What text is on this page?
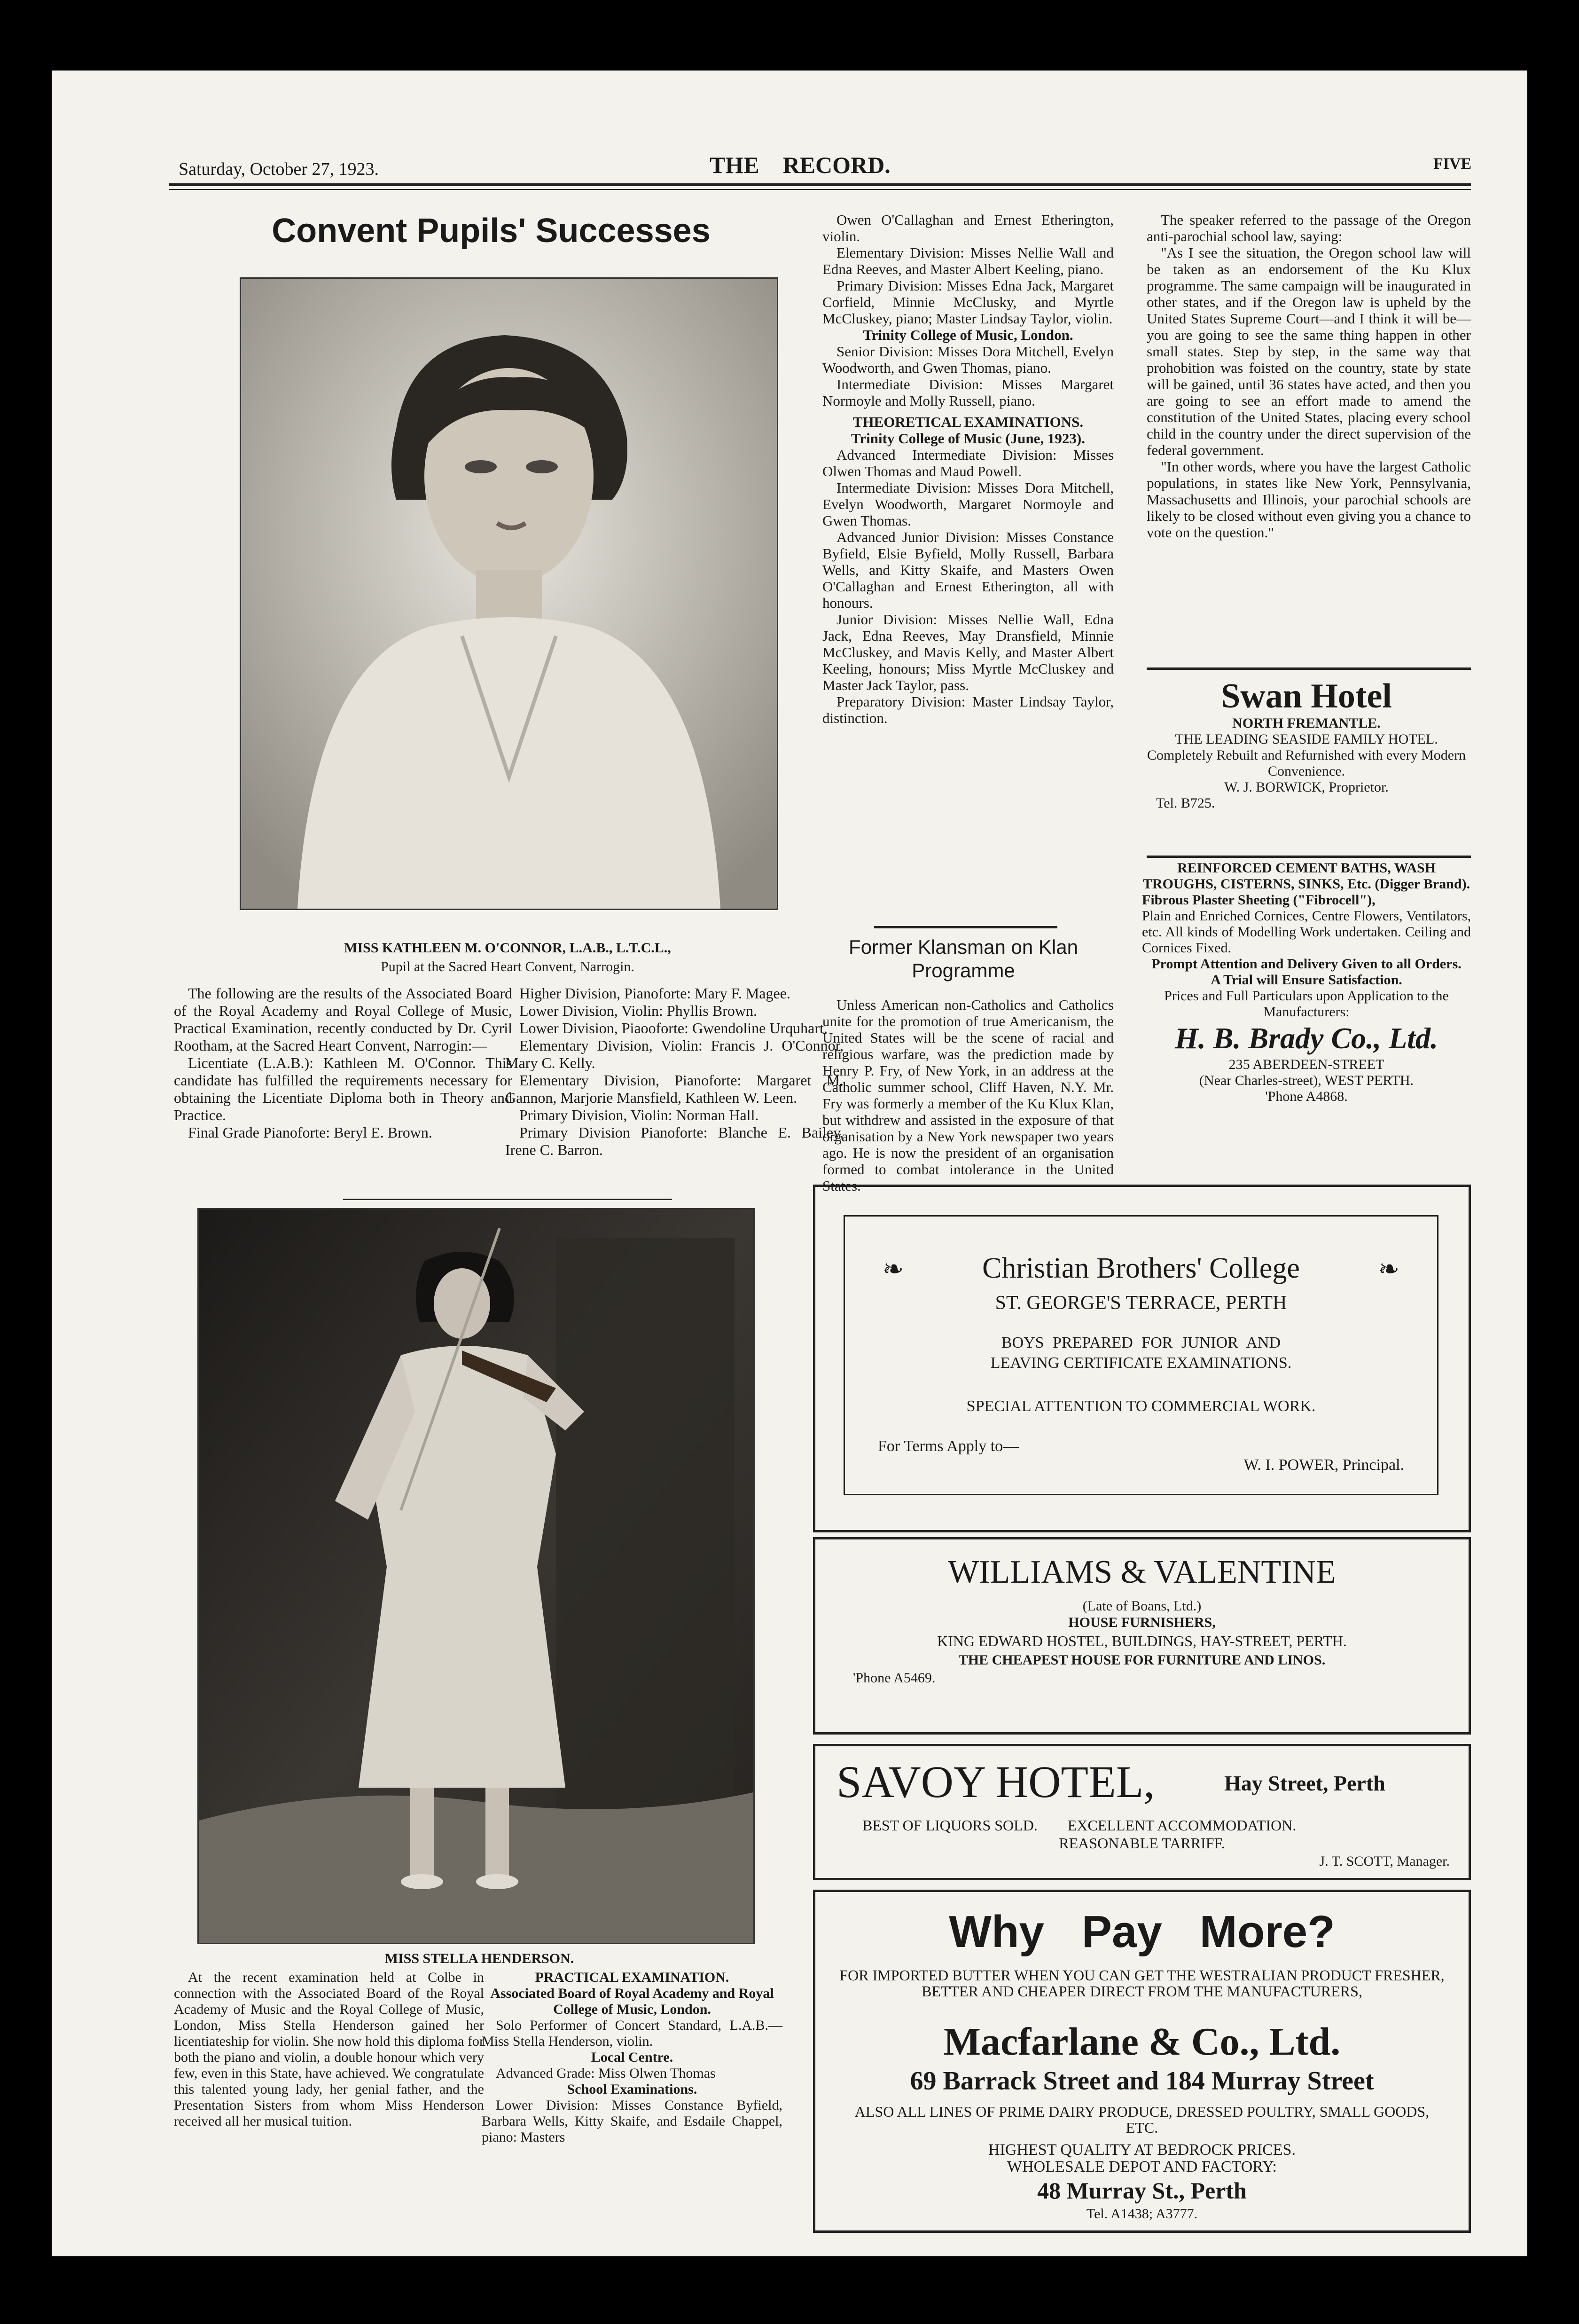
Saturday, October 27, 1923.	THE    RECORD.	FIVE
Convent Pupils' Successes
MISS KATHLEEN M. O'CONNOR, L.A.B., L.T.C.L.,
Pupil at the Sacred Heart Convent, Narrogin.

The following are the results of the Associated Board of the Royal Academy and Royal College of Music, Practical Examination, recently conducted by Dr. Cyril Rootham, at the Sacred Heart Convent, Narrogin:—

Licentiate (L.A.B.): Kathleen M. O'Connor. This candidate has fulfilled the requirements necessary for obtaining the Licentiate Diploma both in Theory and Practice.

Final Grade Pianoforte: Beryl E. Brown.

Higher Division, Pianoforte: Mary F. Magee.

Lower Division, Violin: Phyllis Brown.

Lower Division, Piaooforte: Gwendoline Urquhart.

Elementary Division, Violin: Francis J. O'Connor, Mary C. Kelly.

Elementary Division, Pianoforte: Margaret M. Gannon, Marjorie Mansfield, Kathleen W. Leen.

Primary Division, Violin: Norman Hall.

Primary Division Pianoforte: Blanche E. Bailey, Irene C. Barron.

MISS STELLA HENDERSON.

At the recent examination held at Colbe in connection with the Associated Board of the Royal Academy of Music and the Royal College of Music, London, Miss Stella Henderson gained her licentiateship for violin. She now hold this diploma for both the piano and violin, a double honour which very few, even in this State, have achieved. We congratulate this talented young lady, her genial father, and the Presentation Sisters from whom Miss Henderson received all her musical tuition.

PRACTICAL EXAMINATION.

Associated Board of Royal Academy and Royal College of Music, London.

Solo Performer of Concert Standard, L.A.B.—Miss Stella Henderson, violin.

Local Centre.

Advanced Grade: Miss Olwen Thomas

School Examinations.

Lower Division: Misses Constance Byfield, Barbara Wells, Kitty Skaife, and Esdaile Chappel, piano: Masters

Owen O'Callaghan and Ernest Etherington, violin.

Elementary Division: Misses Nellie Wall and Edna Reeves, and Master Albert Keeling, piano.

Primary Division: Misses Edna Jack, Margaret Corfield, Minnie McClusky, and Myrtle McCluskey, piano; Master Lindsay Taylor, violin.

Trinity College of Music, London.

Senior Division: Misses Dora Mitchell, Evelyn Woodworth, and Gwen Thomas, piano.

Intermediate Division: Misses Margaret Normoyle and Molly Russell, piano.

THEORETICAL EXAMINATIONS.

Trinity College of Music (June, 1923).

Advanced Intermediate Division: Misses Olwen Thomas and Maud Powell.

Intermediate Division: Misses Dora Mitchell, Evelyn Woodworth, Margaret Normoyle and Gwen Thomas.

Advanced Junior Division: Misses Constance Byfield, Elsie Byfield, Molly Russell, Barbara Wells, and Kitty Skaife, and Masters Owen O'Callaghan and Ernest Etherington, all with honours.

Junior Division: Misses Nellie Wall, Edna Jack, Edna Reeves, May Dransfield, Minnie McCluskey, and Mavis Kelly, and Master Albert Keeling, honours; Miss Myrtle McCluskey and Master Jack Taylor, pass.

Preparatory Division: Master Lindsay Taylor, distinction.

Former Klansman on Klan Programme

Unless American non-Catholics and Catholics unite for the promotion of true Americanism, the United States will be the scene of racial and religious warfare, was the prediction made by Henry P. Fry, of New York, in an address at the Catholic summer school, Cliff Haven, N.Y. Mr. Fry was formerly a member of the Ku Klux Klan, but withdrew and assisted in the exposure of that organisation by a New York newspaper two years ago. He is now the president of an organisation formed to combat intolerance in the United States.

The speaker referred to the passage of the Oregon anti-parochial school law, saying:

"As I see the situation, the Oregon school law will be taken as an endorsement of the Ku Klux programme. The same campaign will be inaugurated in other states, and if the Oregon law is upheld by the United States Supreme Court—and I think it will be—you are going to see the same thing happen in other small states. Step by step, in the same way that prohobition was foisted on the country, state by state will be gained, until 36 states have acted, and then you are going to see an effort made to amend the constitution of the United States, placing every school child in the country under the direct supervision of the federal government.

"In other words, where you have the largest Catholic populations, in states like New York, Pennsylvania, Massachusetts and Illinois, your parochial schools are likely to be closed without even giving you a chance to vote on the question."

Swan Hotel
NORTH FREMANTLE.
THE LEADING SEASIDE FAMILY HOTEL.
Completely Rebuilt and Refurnished with every Modern Convenience.
W. J. BORWICK, Proprietor.
Tel. B725.
REINFORCED CEMENT BATHS, WASH TROUGHS, CISTERNS, SINKS, Etc. (Digger Brand).
Fibrous Plaster Sheeting ("Fibrocell"),
Plain and Enriched Cornices, Centre Flowers, Ventilators, etc. All kinds of Modelling Work undertaken. Ceiling and Cornices Fixed.
Prompt Attention and Delivery Given to all Orders.
A Trial will Ensure Satisfaction.
Prices and Full Particulars upon Application to the Manufacturers:
H. B. Brady Co., Ltd.
235 ABERDEEN-STREET
(Near Charles-street), WEST PERTH.
'Phone A4868.
❧	❧
Christian Brothers' College
ST. GEORGE'S TERRACE, PERTH
BOYS PREPARED FOR JUNIOR AND
LEAVING CERTIFICATE EXAMINATIONS.
SPECIAL ATTENTION TO COMMERCIAL WORK.
For Terms Apply to—
W. I. POWER, Principal.
WILLIAMS & VALENTINE
(Late of Boans, Ltd.)
HOUSE FURNISHERS,
KING EDWARD HOSTEL, BUILDINGS, HAY-STREET, PERTH.
THE CHEAPEST HOUSE FOR FURNITURE AND LINOS.
'Phone A5469.
SAVOY HOTEL,	Hay Street, Perth
BEST OF LIQUORS SOLD.        EXCELLENT ACCOMMODATION.
REASONABLE TARRIFF.
J. T. SCOTT, Manager.
Why   Pay   More?
FOR IMPORTED BUTTER WHEN YOU CAN GET THE WESTRALIAN PRODUCT FRESHER, BETTER AND CHEAPER DIRECT FROM THE MANUFACTURERS,
Macfarlane & Co., Ltd.
69 Barrack Street and 184 Murray Street
ALSO ALL LINES OF PRIME DAIRY PRODUCE, DRESSED POULTRY, SMALL GOODS, ETC.
HIGHEST QUALITY AT BEDROCK PRICES.
WHOLESALE DEPOT AND FACTORY:
48 Murray St., Perth
Tel. A1438; A3777.
